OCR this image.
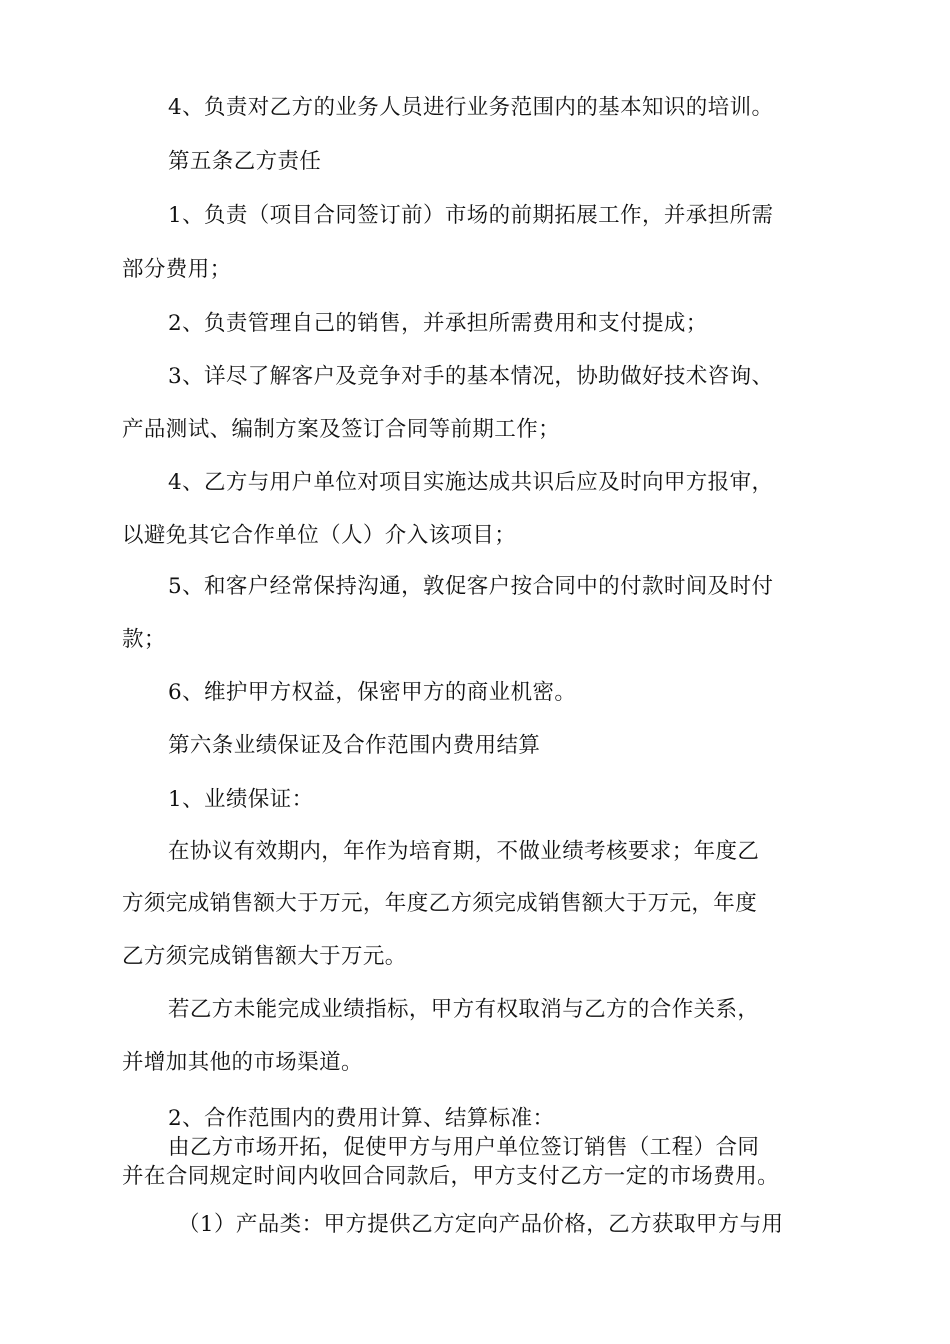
4、负责对乙方的业务人员进行业务范围内的基本知识的培训。
第五条乙方责任
1、负责（项目合同签订前）市场的前期拓展工作，并承担所需
部分费用；
2、负责管理自己的销售，并承担所需费用和支付提成；
3、详尽了解客户及竞争对手的基本情况，协助做好技术咨询、
产品测试、编制方案及签订合同等前期工作；
4、乙方与用户单位对项目实施达成共识后应及时向甲方报审，
以避免其它合作单位（人）介入该项目；
5、和客户经常保持沟通，敦促客户按合同中的付款时间及时付
款；
6、维护甲方权益，保密甲方的商业机密。
第六条业绩保证及合作范围内费用结算
1、业绩保证：
在协议有效期内，年作为培育期，不做业绩考核要求；年度乙
方须完成销售额大于万元，年度乙方须完成销售额大于万元，年度
乙方须完成销售额大于万元。
若乙方未能完成业绩指标，甲方有权取消与乙方的合作关系，
并增加其他的市场渠道。
2、合作范围内的费用计算、结算标准：
由乙方市场开拓，促使甲方与用户单位签订销售（工程）合同
并在合同规定时间内收回合同款后，甲方支付乙方一定的市场费用。
（1）产品类：甲方提供乙方定向产品价格，乙方获取甲方与用
